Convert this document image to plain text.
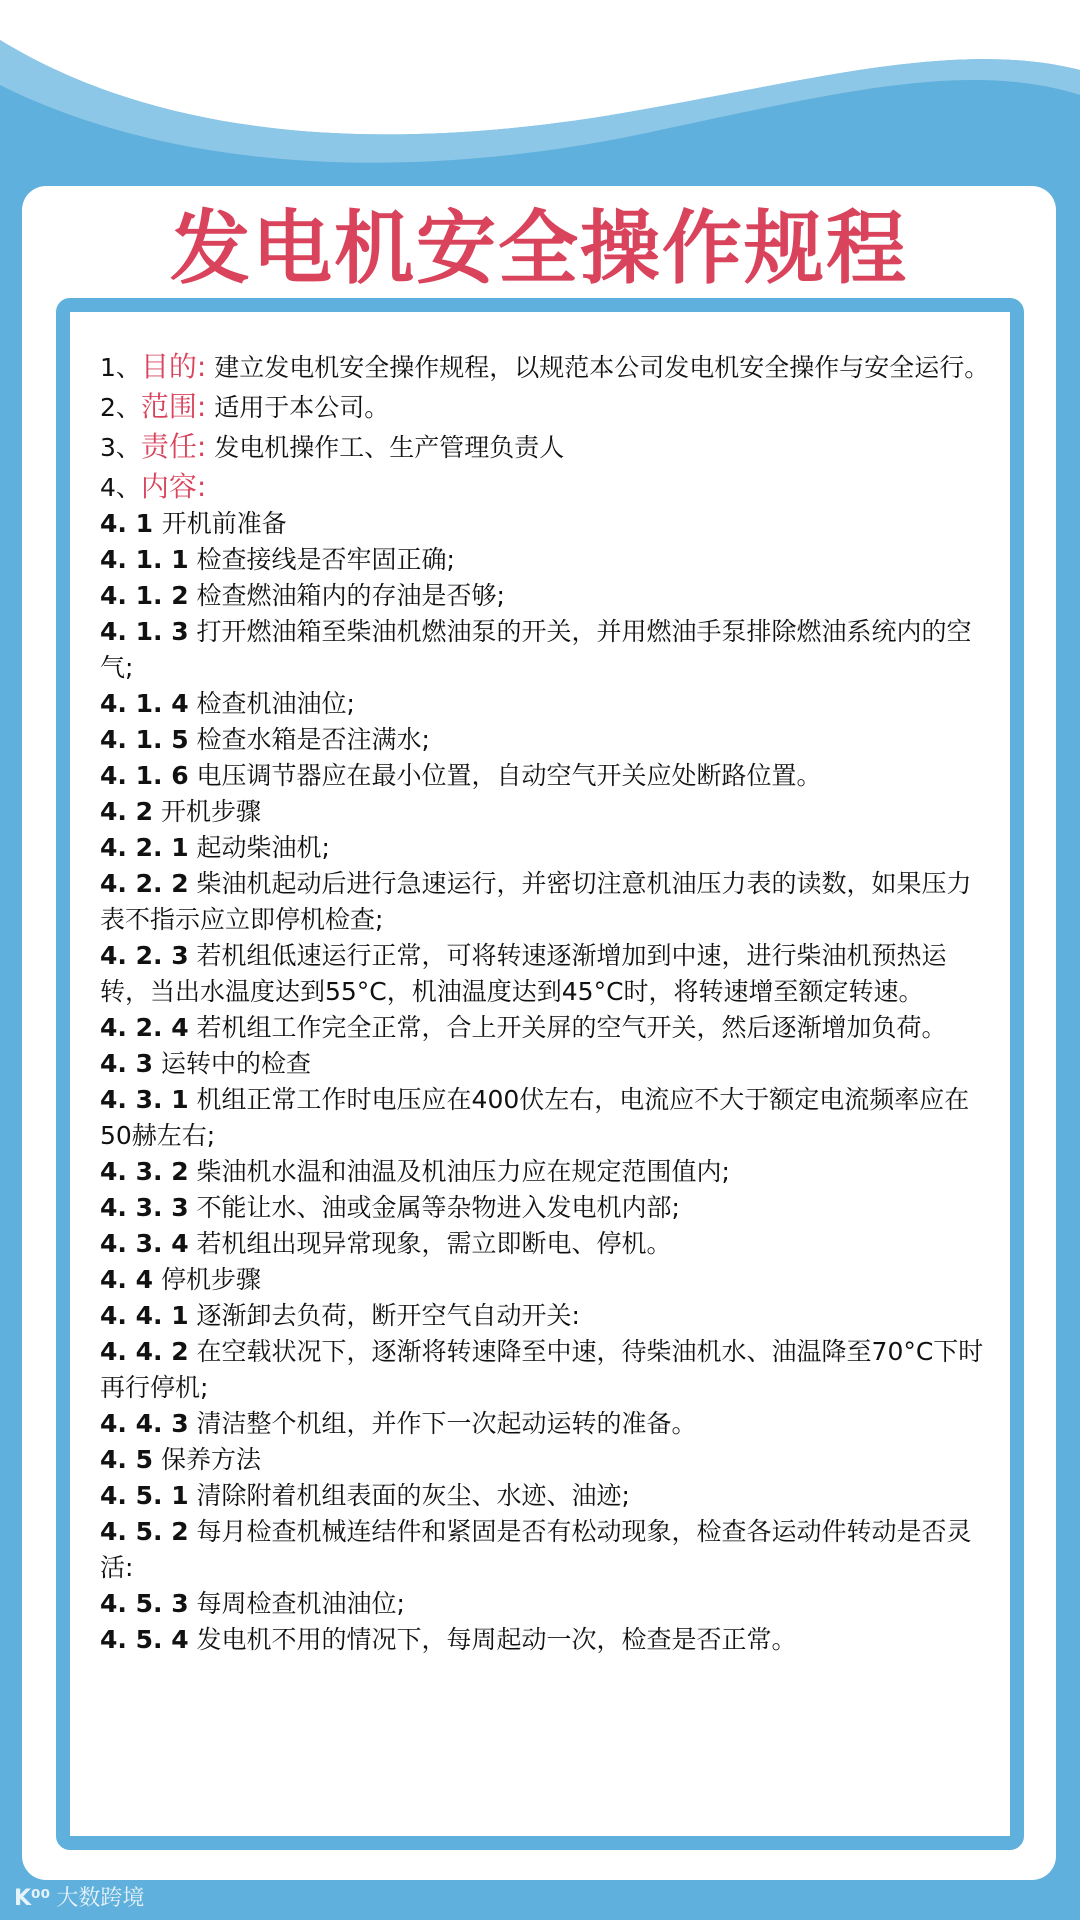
发电机安全操作规程

1、目的: 建立发电机安全操作规程，以规范本公司发电机安全操作与安全运行。

2、范围: 适用于本公司。

3、责任: 发电机操作工、生产管理负责人

4、内容:

4. 1 开机前准备

4. 1. 1 检查接线是否牢固正确;

4. 1. 2 检查燃油箱内的存油是否够;

4. 1. 3 打开燃油箱至柴油机燃油泵的开关，并用燃油手泵排除燃油系统内的空气;

4. 1. 4 检查机油油位;

4. 1. 5 检查水箱是否注满水;

4. 1. 6 电压调节器应在最小位置，自动空气开关应处断路位置。

4. 2 开机步骤

4. 2. 1 起动柴油机;

4. 2. 2 柴油机起动后进行急速运行，并密切注意机油压力表的读数，如果压力表不指示应立即停机检查;

4. 2. 3 若机组低速运行正常，可将转速逐渐增加到中速，进行柴油机预热运转，当出水温度达到55°C，机油温度达到45°C时，将转速增至额定转速。

4. 2. 4 若机组工作完全正常，合上开关屏的空气开关，然后逐渐增加负荷。

4. 3 运转中的检查

4. 3. 1 机组正常工作时电压应在400伏左右，电流应不大于额定电流频率应在50赫左右;

4. 3. 2 柴油机水温和油温及机油压力应在规定范围值内;

4. 3. 3 不能让水、油或金属等杂物进入发电机内部;

4. 3. 4 若机组出现异常现象，需立即断电、停机。

4. 4 停机步骤

4. 4. 1 逐渐卸去负荷，断开空气自动开关:

4. 4. 2 在空载状况下，逐渐将转速降至中速，待柴油机水、油温降至70°C下时再行停机;

4. 4. 3 清洁整个机组，并作下一次起动运转的准备。

4. 5 保养方法

4. 5. 1 清除附着机组表面的灰尘、水迹、油迹;

4. 5. 2 每月检查机械连结件和紧固是否有松动现象，检查各运动件转动是否灵活:

4. 5. 3 每周检查机油油位;

4. 5. 4 发电机不用的情况下，每周起动一次，检查是否正常。

K⁰⁰ 大数跨境
